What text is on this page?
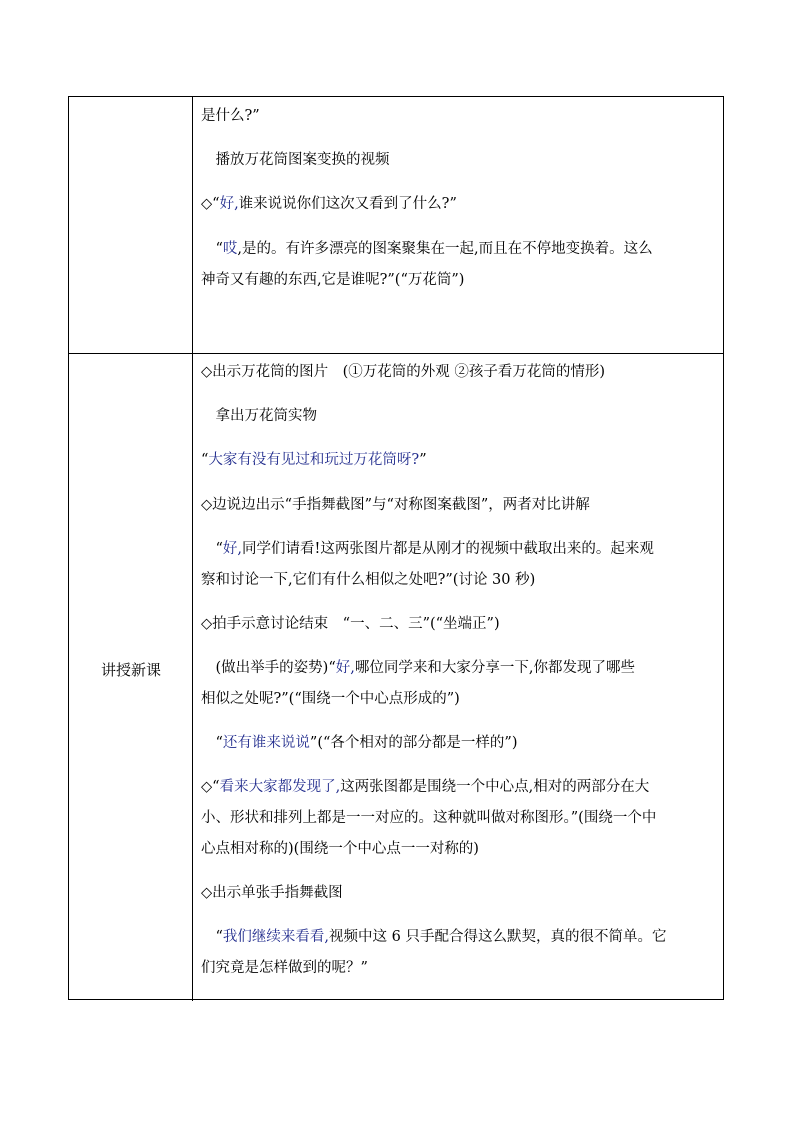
是什么?”
　播放万花筒图案变换的视频
◇“好,谁来说说你们这次又看到了什么?”
　“哎,是的。有许多漂亮的图案聚集在一起,而且在不停地变换着。这么
神奇又有趣的东西,它是谁呢?”(“万花筒”)
讲授新课
◇出示万花筒的图片　(①万花筒的外观 ②孩子看万花筒的情形)
　拿出万花筒实物
“大家有没有见过和玩过万花筒呀?”
◇边说边出示“手指舞截图”与“对称图案截图”，两者对比讲解
　“好,同学们请看!这两张图片都是从刚才的视频中截取出来的。起来观
察和讨论一下,它们有什么相似之处吧?”(讨论 30 秒)
◇拍手示意讨论结束　“一、二、三”(“坐端正”)
　(做出举手的姿势)“好,哪位同学来和大家分享一下,你都发现了哪些
相似之处呢?”(“围绕一个中心点形成的”)
　“还有谁来说说”(“各个相对的部分都是一样的”)
◇“看来大家都发现了,这两张图都是围绕一个中心点,相对的两部分在大
小、形状和排列上都是一一对应的。这种就叫做对称图形。”(围绕一个中
心点相对称的)(围绕一个中心点一一对称的)
◇出示单张手指舞截图
　“我们继续来看看,视频中这 6 只手配合得这么默契，真的很不简单。它
们究竟是怎样做到的呢？”
